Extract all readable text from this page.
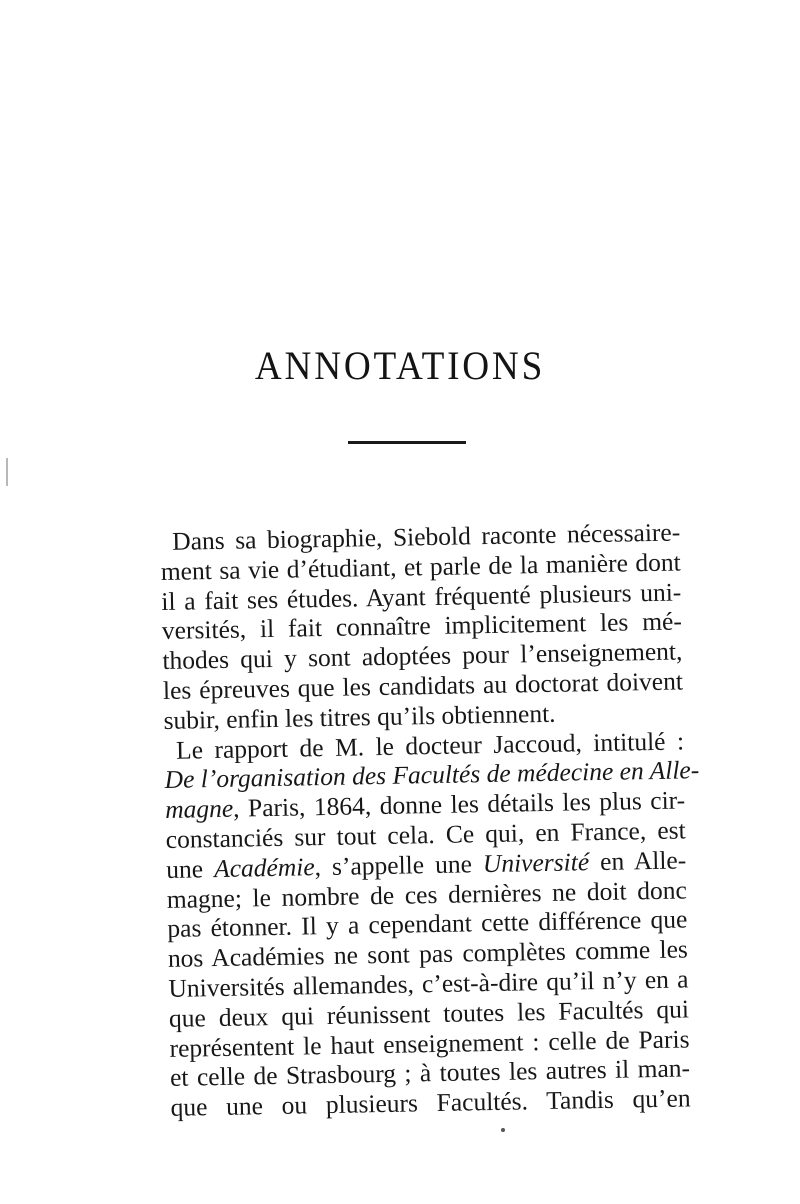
ANNOTATIONS
Dans sa biographie, Siebold raconte nécessaire-
ment sa vie d’étudiant, et parle de la manière dont
il a fait ses études. Ayant fréquenté plusieurs uni-
versités, il fait connaître implicitement les mé-
thodes qui y sont adoptées pour l’enseignement,
les épreuves que les candidats au doctorat doivent
subir, enfin les titres qu’ils obtiennent.
Le rapport de M. le docteur Jaccoud, intitulé :
De l’organisation des Facultés de médecine en Alle-
magne, Paris, 1864, donne les détails les plus cir-
constanciés sur tout cela. Ce qui, en France, est
une Académie, s’appelle une Université en Alle-
magne; le nombre de ces dernières ne doit donc
pas étonner. Il y a cependant cette différence que
nos Académies ne sont pas complètes comme les
Universités allemandes, c’est-à-dire qu’il n’y en a
que deux qui réunissent toutes les Facultés qui
représentent le haut enseignement : celle de Paris
et celle de Strasbourg ; à toutes les autres il man-
que une ou plusieurs Facultés. Tandis qu’en
